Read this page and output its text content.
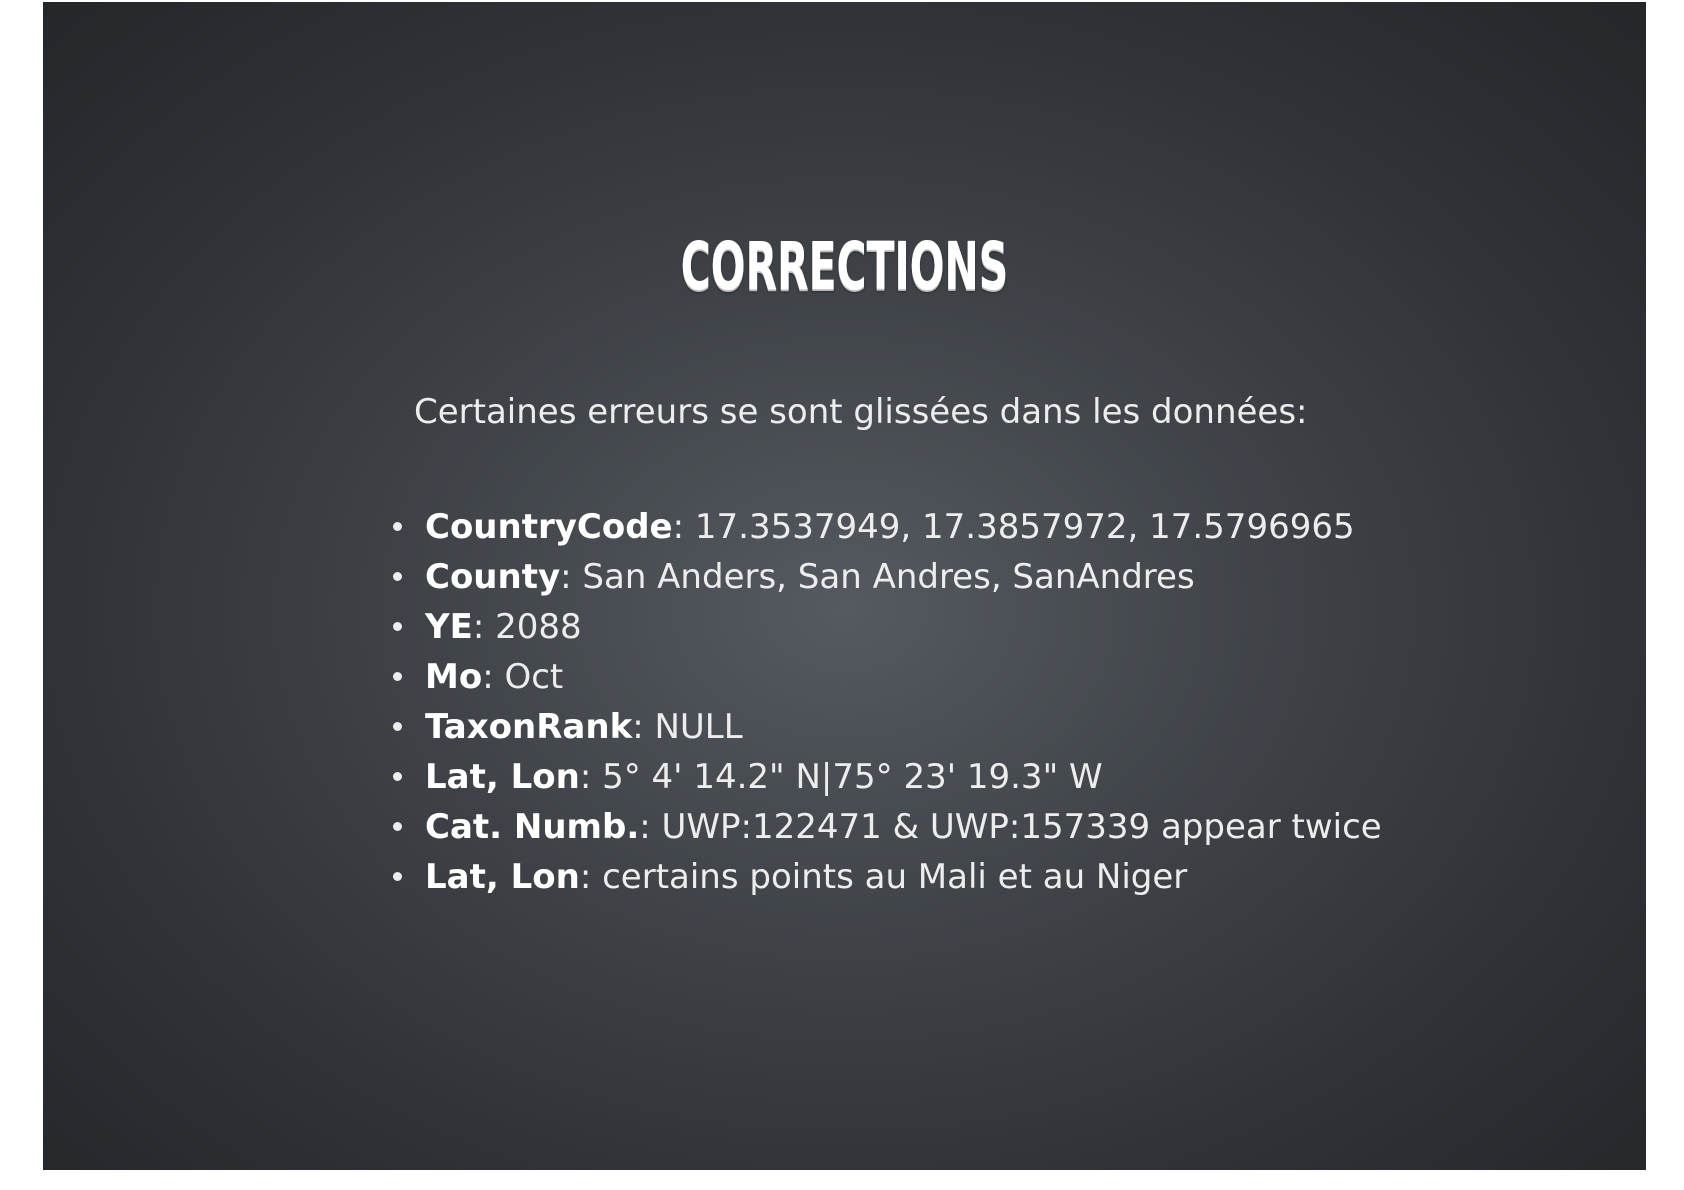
CORRECTIONS
Certaines erreurs se sont glissées dans les données:
CountryCode: 17.3537949, 17.3857972, 17.5796965
County: San Anders, San Andres, SanAndres
YE: 2088
Mo: Oct
TaxonRank: NULL
Lat, Lon: 5° 4' 14.2" N|75° 23' 19.3" W
Cat. Numb.: UWP:122471 & UWP:157339 appear twice
Lat, Lon: certains points au Mali et au Niger
